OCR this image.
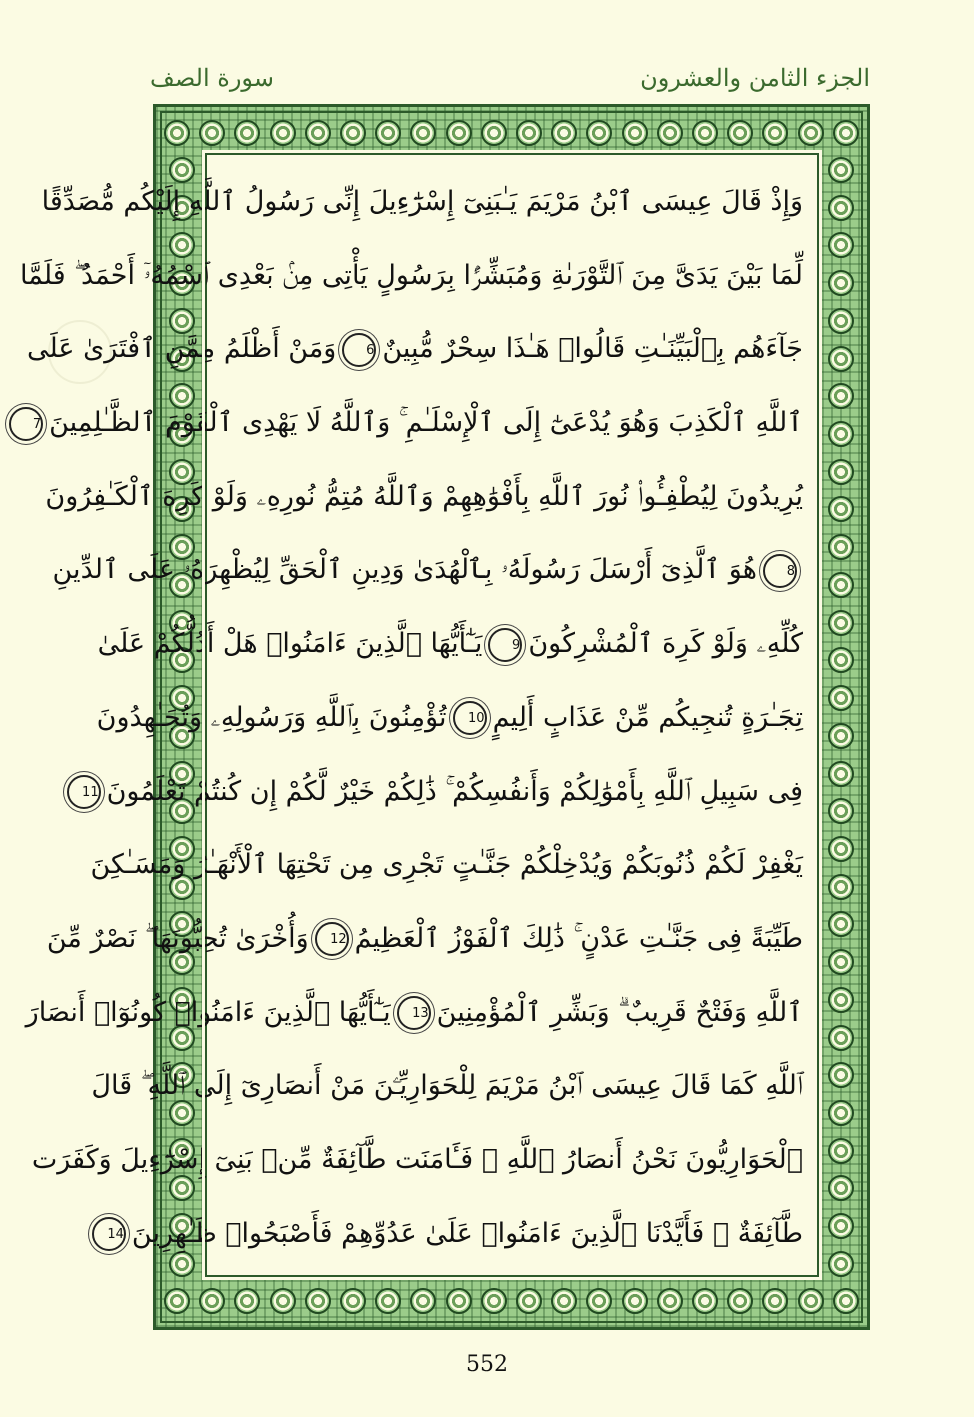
الجزء الثامن والعشرون
سورة الصف
وَإِذْ قَالَ عِيسَى ٱبْنُ مَرْيَمَ يَـٰبَنِىٓ إِسْرَٰٓءِيلَ إِنِّى رَسُولُ ٱللَّهِ إِلَيْكُم مُّصَدِّقًا
لِّمَا بَيْنَ يَدَىَّ مِنَ ٱلتَّوْرَىٰةِ وَمُبَشِّرًۢا بِرَسُولٍ يَأْتِى مِنۢ بَعْدِى ٱسْمُهُۥٓ أَحْمَدُ ۖ فَلَمَّا
جَآءَهُم بِٱلْبَيِّنَـٰتِ قَالُوا۟ هَـٰذَا سِحْرٌ مُّبِينٌ6وَمَنْ أَظْلَمُ مِمَّنِ ٱفْتَرَىٰ عَلَى
ٱللَّهِ ٱلْكَذِبَ وَهُوَ يُدْعَىٰٓ إِلَى ٱلْإِسْلَـٰمِ ۚ وَٱللَّهُ لَا يَهْدِى ٱلْقَوْمَ ٱلظَّـٰلِمِينَ7
يُرِيدُونَ لِيُطْفِـُٔوا۟ نُورَ ٱللَّهِ بِأَفْوَٰهِهِمْ وَٱللَّهُ مُتِمُّ نُورِهِۦ وَلَوْ كَرِهَ ٱلْكَـٰفِرُونَ
8هُوَ ٱلَّذِىٓ أَرْسَلَ رَسُولَهُۥ بِٱلْهُدَىٰ وَدِينِ ٱلْحَقِّ لِيُظْهِرَهُۥ عَلَى ٱلدِّينِ
كُلِّهِۦ وَلَوْ كَرِهَ ٱلْمُشْرِكُونَ9يَـٰٓأَيُّهَا ٱلَّذِينَ ءَامَنُوا۟ هَلْ أَدُلُّكُمْ عَلَىٰ
تِجَـٰرَةٍ تُنجِيكُم مِّنْ عَذَابٍ أَلِيمٍ10تُؤْمِنُونَ بِٱللَّهِ وَرَسُولِهِۦ وَتُجَـٰهِدُونَ
فِى سَبِيلِ ٱللَّهِ بِأَمْوَٰلِكُمْ وَأَنفُسِكُمْ ۚ ذَٰلِكُمْ خَيْرٌ لَّكُمْ إِن كُنتُمْ تَعْلَمُونَ11
يَغْفِرْ لَكُمْ ذُنُوبَكُمْ وَيُدْخِلْكُمْ جَنَّـٰتٍ تَجْرِى مِن تَحْتِهَا ٱلْأَنْهَـٰرُ وَمَسَـٰكِنَ
طَيِّبَةً فِى جَنَّـٰتِ عَدْنٍ ۚ ذَٰلِكَ ٱلْفَوْزُ ٱلْعَظِيمُ12وَأُخْرَىٰ تُحِبُّونَهَا ۖ نَصْرٌ مِّنَ
ٱللَّهِ وَفَتْحٌ قَرِيبٌ ۗ وَبَشِّرِ ٱلْمُؤْمِنِينَ13يَـٰٓأَيُّهَا ٱلَّذِينَ ءَامَنُوا۟ كُونُوٓا۟ أَنصَارَ
ٱللَّهِ كَمَا قَالَ عِيسَى ٱبْنُ مَرْيَمَ لِلْحَوَارِيِّـۧنَ مَنْ أَنصَارِىٓ إِلَى ٱللَّهِ ۖ قَالَ
ٱلْحَوَارِيُّونَ نَحْنُ أَنصَارُ ٱللَّهِ ۖ فَـَٔامَنَت طَّآئِفَةٌ مِّنۢ بَنِىٓ إِسْرَٰٓءِيلَ وَكَفَرَت
طَّآئِفَةٌ ۖ فَأَيَّدْنَا ٱلَّذِينَ ءَامَنُوا۟ عَلَىٰ عَدُوِّهِمْ فَأَصْبَحُوا۟ ظَـٰهِرِينَ14
552
